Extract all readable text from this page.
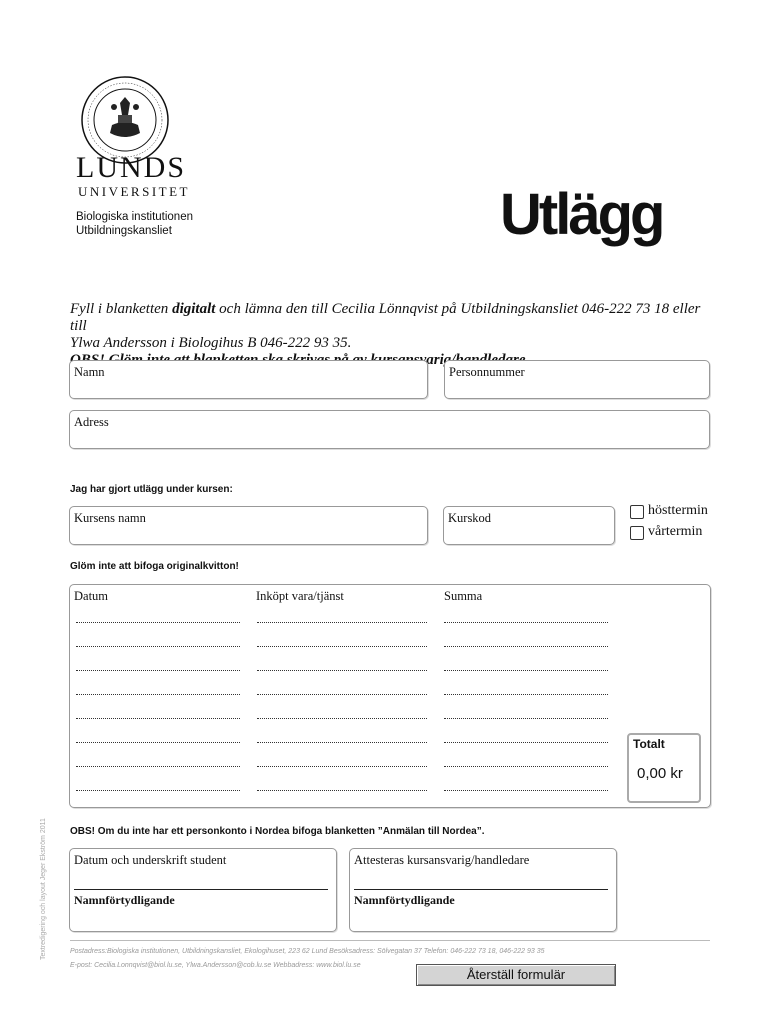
LUNDS
UNIVERSITET
Biologiska institutionen
Utbildningskansliet	Utlägg
Fyll i blanketten digitalt och lämna den till Cecilia Lönnqvist på Utbildningskansliet 046-222 73 18 eller till
Ylwa Andersson i Biologihus B 046-222 93 35.

Namn	Personnummer
Adress
Jag har gjort utlägg under kursen:
Kursens namn	Kurskod	hösttermin
vårtermin
Glöm inte att bifoga originalkvitton!
Datum	Inköpt vara/tjänst	Summa
Totalt
0,00 kr
OBS! Om du inte har ett personkonto i Nordea bifoga blanketten ”Anmälan till Nordea”.
Datum och underskrift student
Namnförtydligande
Attesteras kursansvarig/handledare
Namnförtydligande
Postadress:Biologiska institutionen, Utbildningskansliet, Ekologihuset, 223 62 Lund Besöksadress: Sölvegatan 37 Telefon: 046-222 73 18, 046-222 93 35
E-post: Cecilia.Lonnqvist@biol.lu.se, Ylwa.Andersson@cob.lu.se Webbadress: www.biol.lu.se
Textredigering och layout Jeger Ekström 2011
Återställ formulär
